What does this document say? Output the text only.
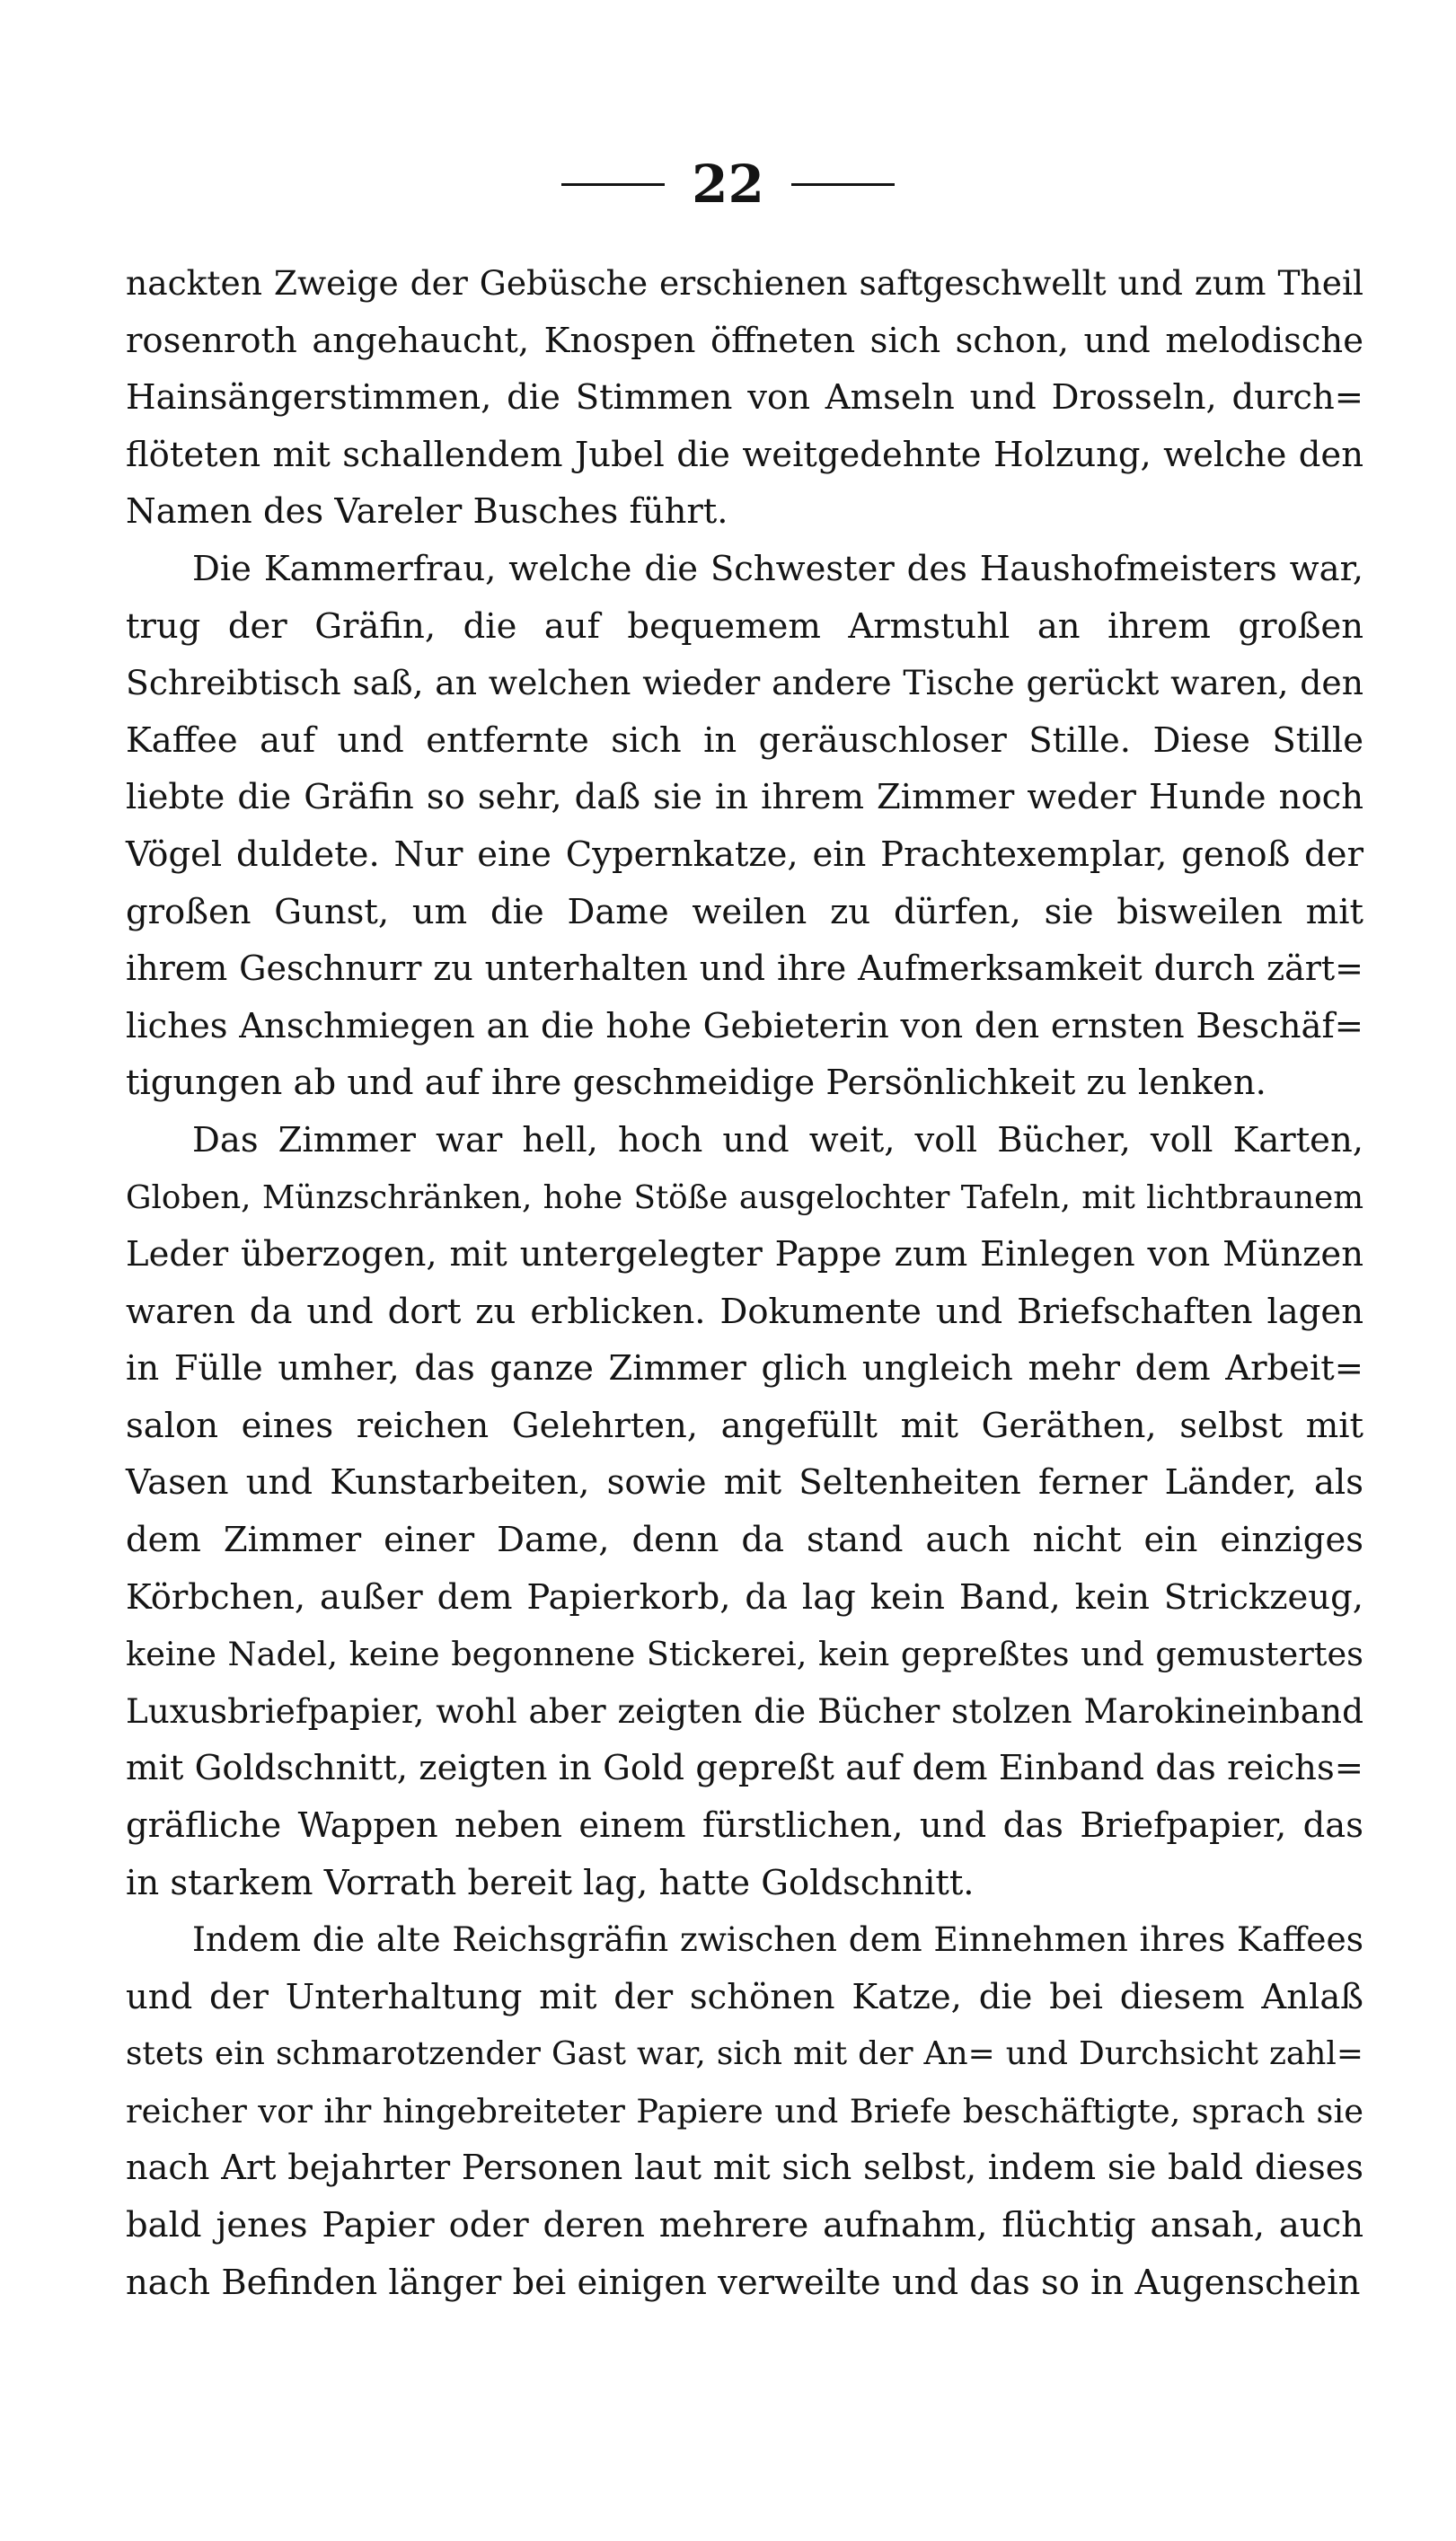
22
nackten Zweige der Gebüsche erschienen saftgeschwellt und zum Theil
rosenroth angehaucht, Knospen öffneten sich schon, und melodische
Hainsängerstimmen, die Stimmen von Amseln und Drosseln, durch=
flöteten mit schallendem Jubel die weitgedehnte Holzung, welche den
Namen des Vareler Busches führt.
Die Kammerfrau, welche die Schwester des Haushofmeisters war,
trug der Gräfin, die auf bequemem Armstuhl an ihrem großen
Schreibtisch saß, an welchen wieder andere Tische gerückt waren, den
Kaffee auf und entfernte sich in geräuschloser Stille. Diese Stille
liebte die Gräfin so sehr, daß sie in ihrem Zimmer weder Hunde noch
Vögel duldete. Nur eine Cypernkatze, ein Prachtexemplar, genoß der
großen Gunst, um die Dame weilen zu dürfen, sie bisweilen mit
ihrem Geschnurr zu unterhalten und ihre Aufmerksamkeit durch zärt=
liches Anschmiegen an die hohe Gebieterin von den ernsten Beschäf=
tigungen ab und auf ihre geschmeidige Persönlichkeit zu lenken.
Das Zimmer war hell, hoch und weit, voll Bücher, voll Karten,
Globen, Münzschränken, hohe Stöße ausgelochter Tafeln, mit lichtbraunem
Leder überzogen, mit untergelegter Pappe zum Einlegen von Münzen
waren da und dort zu erblicken. Dokumente und Briefschaften lagen
in Fülle umher, das ganze Zimmer glich ungleich mehr dem Arbeit=
salon eines reichen Gelehrten, angefüllt mit Geräthen, selbst mit
Vasen und Kunstarbeiten, sowie mit Seltenheiten ferner Länder, als
dem Zimmer einer Dame, denn da stand auch nicht ein einziges
Körbchen, außer dem Papierkorb, da lag kein Band, kein Strickzeug,
keine Nadel, keine begonnene Stickerei, kein gepreßtes und gemustertes
Luxusbriefpapier, wohl aber zeigten die Bücher stolzen Marokineinband
mit Goldschnitt, zeigten in Gold gepreßt auf dem Einband das reichs=
gräfliche Wappen neben einem fürstlichen, und das Briefpapier, das
in starkem Vorrath bereit lag, hatte Goldschnitt.
Indem die alte Reichsgräfin zwischen dem Einnehmen ihres Kaffees
und der Unterhaltung mit der schönen Katze, die bei diesem Anlaß
stets ein schmarotzender Gast war, sich mit der An= und Durchsicht zahl=
reicher vor ihr hingebreiteter Papiere und Briefe beschäftigte, sprach sie
nach Art bejahrter Personen laut mit sich selbst, indem sie bald dieses
bald jenes Papier oder deren mehrere aufnahm, flüchtig ansah, auch
nach Befinden länger bei einigen verweilte und das so in Augenschein
